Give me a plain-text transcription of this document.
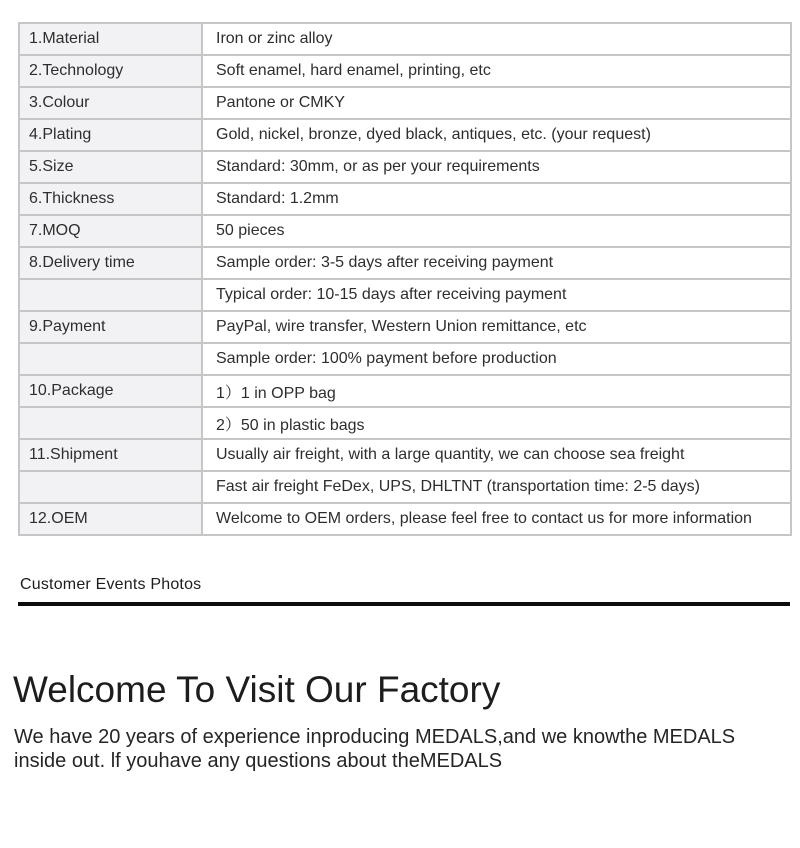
1.Material	Iron or zinc alloy
2.Technology	Soft enamel, hard enamel, printing, etc
3.Colour	Pantone or CMKY
4.Plating	Gold, nickel, bronze, dyed black, antiques, etc. (your request)
5.Size	Standard: 30mm, or as per your requirements
6.Thickness	Standard: 1.2mm
7.MOQ	50 pieces
8.Delivery time	Sample order: 3-5 days after receiving payment
	Typical order: 10-15 days after receiving payment
9.Payment	PayPal, wire transfer, Western Union remittance, etc
	Sample order: 100% payment before production
10.Package	1）1 in OPP bag
	2）50 in plastic bags
11.Shipment	Usually air freight, with a large quantity, we can choose sea freight
	Fast air freight FeDex, UPS, DHLTNT (transportation time: 2-5 days)
12.OEM	Welcome to OEM orders, please feel free to contact us for more information
Customer Events Photos
Welcome To Visit Our Factory
We have 20 years of experience inproducing MEDALS,and we knowthe MEDALS
inside out. lf youhave any questions about theMEDALS
